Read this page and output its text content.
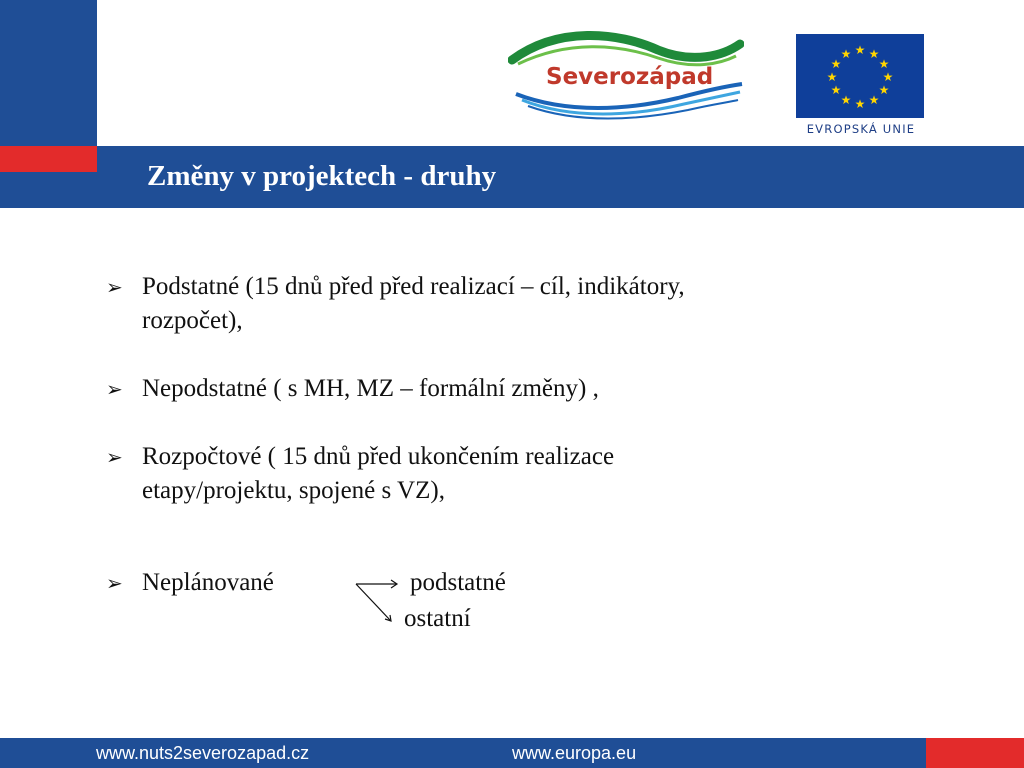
Severozápad
★ ★
★
★
★
★
★
★
★
★
★
★
EVROPSKÁ UNIE
Změny v projektech - druhy
➢ Podstatné (15 dnů před před realizací – cíl, indikátory,
rozpočet),
➢ Nepodstatné ( s MH, MZ – formální změny) ,
➢ Rozpočtové ( 15 dnů před ukončením realizace
etapy/projektu, spojené s VZ),
➢ Neplánované	podstatné
ostatní
www.nuts2severozapad.cz	www.europa.eu
